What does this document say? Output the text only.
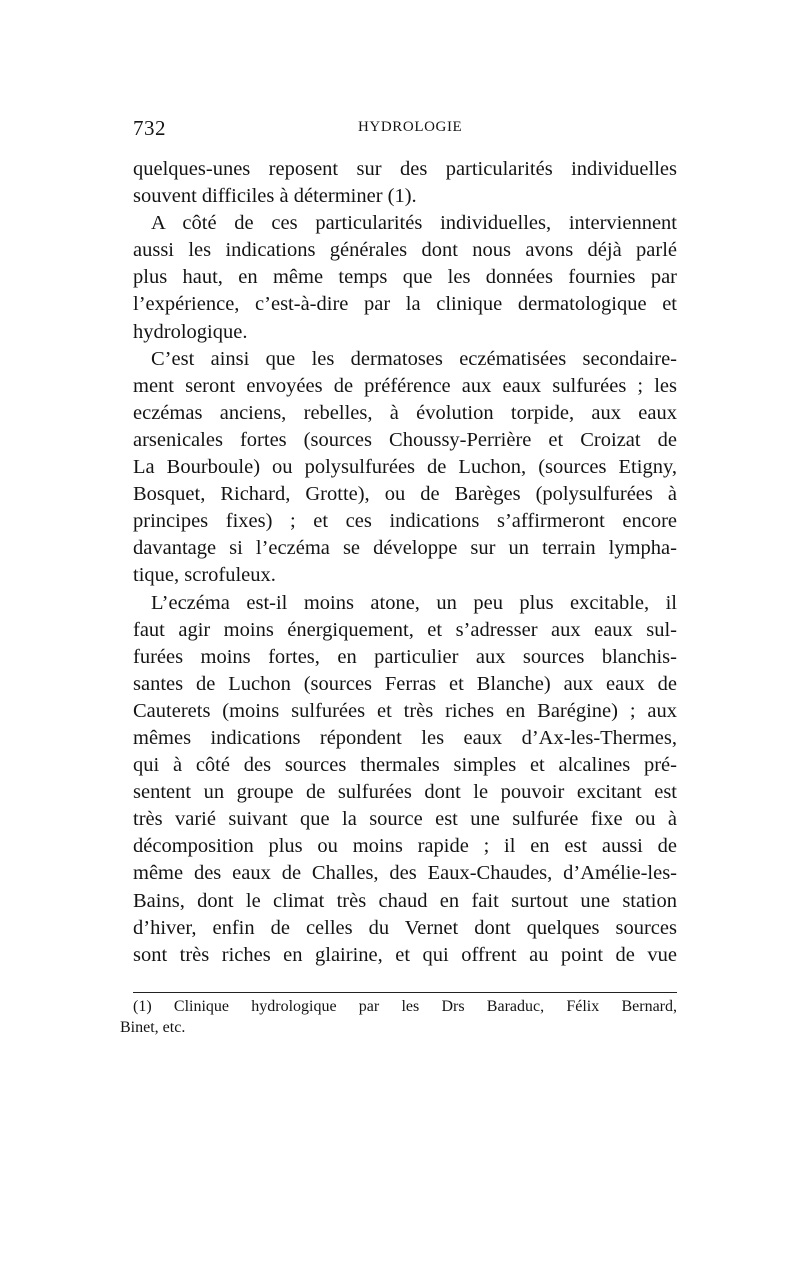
732	HYDROLOGIE
quelques-unes reposent sur des particularités individuelles
souvent difficiles à déterminer (1).
A côté de ces particularités individuelles, interviennent
aussi les indications générales dont nous avons déjà parlé
plus haut, en même temps que les données fournies par
l’expérience, c’est-à-dire par la clinique dermatologique et
hydrologique.
C’est ainsi que les dermatoses eczématisées secondaire-
ment seront envoyées de préférence aux eaux sulfurées ; les
eczémas anciens, rebelles, à évolution torpide, aux eaux
arsenicales fortes (sources Choussy-Perrière et Croizat de
La Bourboule) ou polysulfurées de Luchon, (sources Etigny,
Bosquet, Richard, Grotte), ou de Barèges (polysulfurées à
principes fixes) ; et ces indications s’affirmeront encore
davantage si l’eczéma se développe sur un terrain lympha-
tique, scrofuleux.
L’eczéma est-il moins atone, un peu plus excitable, il
faut agir moins énergiquement, et s’adresser aux eaux sul-
furées moins fortes, en particulier aux sources blanchis-
santes de Luchon (sources Ferras et Blanche) aux eaux de
Cauterets (moins sulfurées et très riches en Barégine) ; aux
mêmes indications répondent les eaux d’Ax-les-Thermes,
qui à côté des sources thermales simples et alcalines pré-
sentent un groupe de sulfurées dont le pouvoir excitant est
très varié suivant que la source est une sulfurée fixe ou à
décomposition plus ou moins rapide ; il en est aussi de
même des eaux de Challes, des Eaux-Chaudes, d’Amélie-les-
Bains, dont le climat très chaud en fait surtout une station
d’hiver, enfin de celles du Vernet dont quelques sources
sont très riches en glairine, et qui offrent au point de vue
(1) Clinique hydrologique par les Drs Baraduc, Félix Bernard,
Binet, etc.
